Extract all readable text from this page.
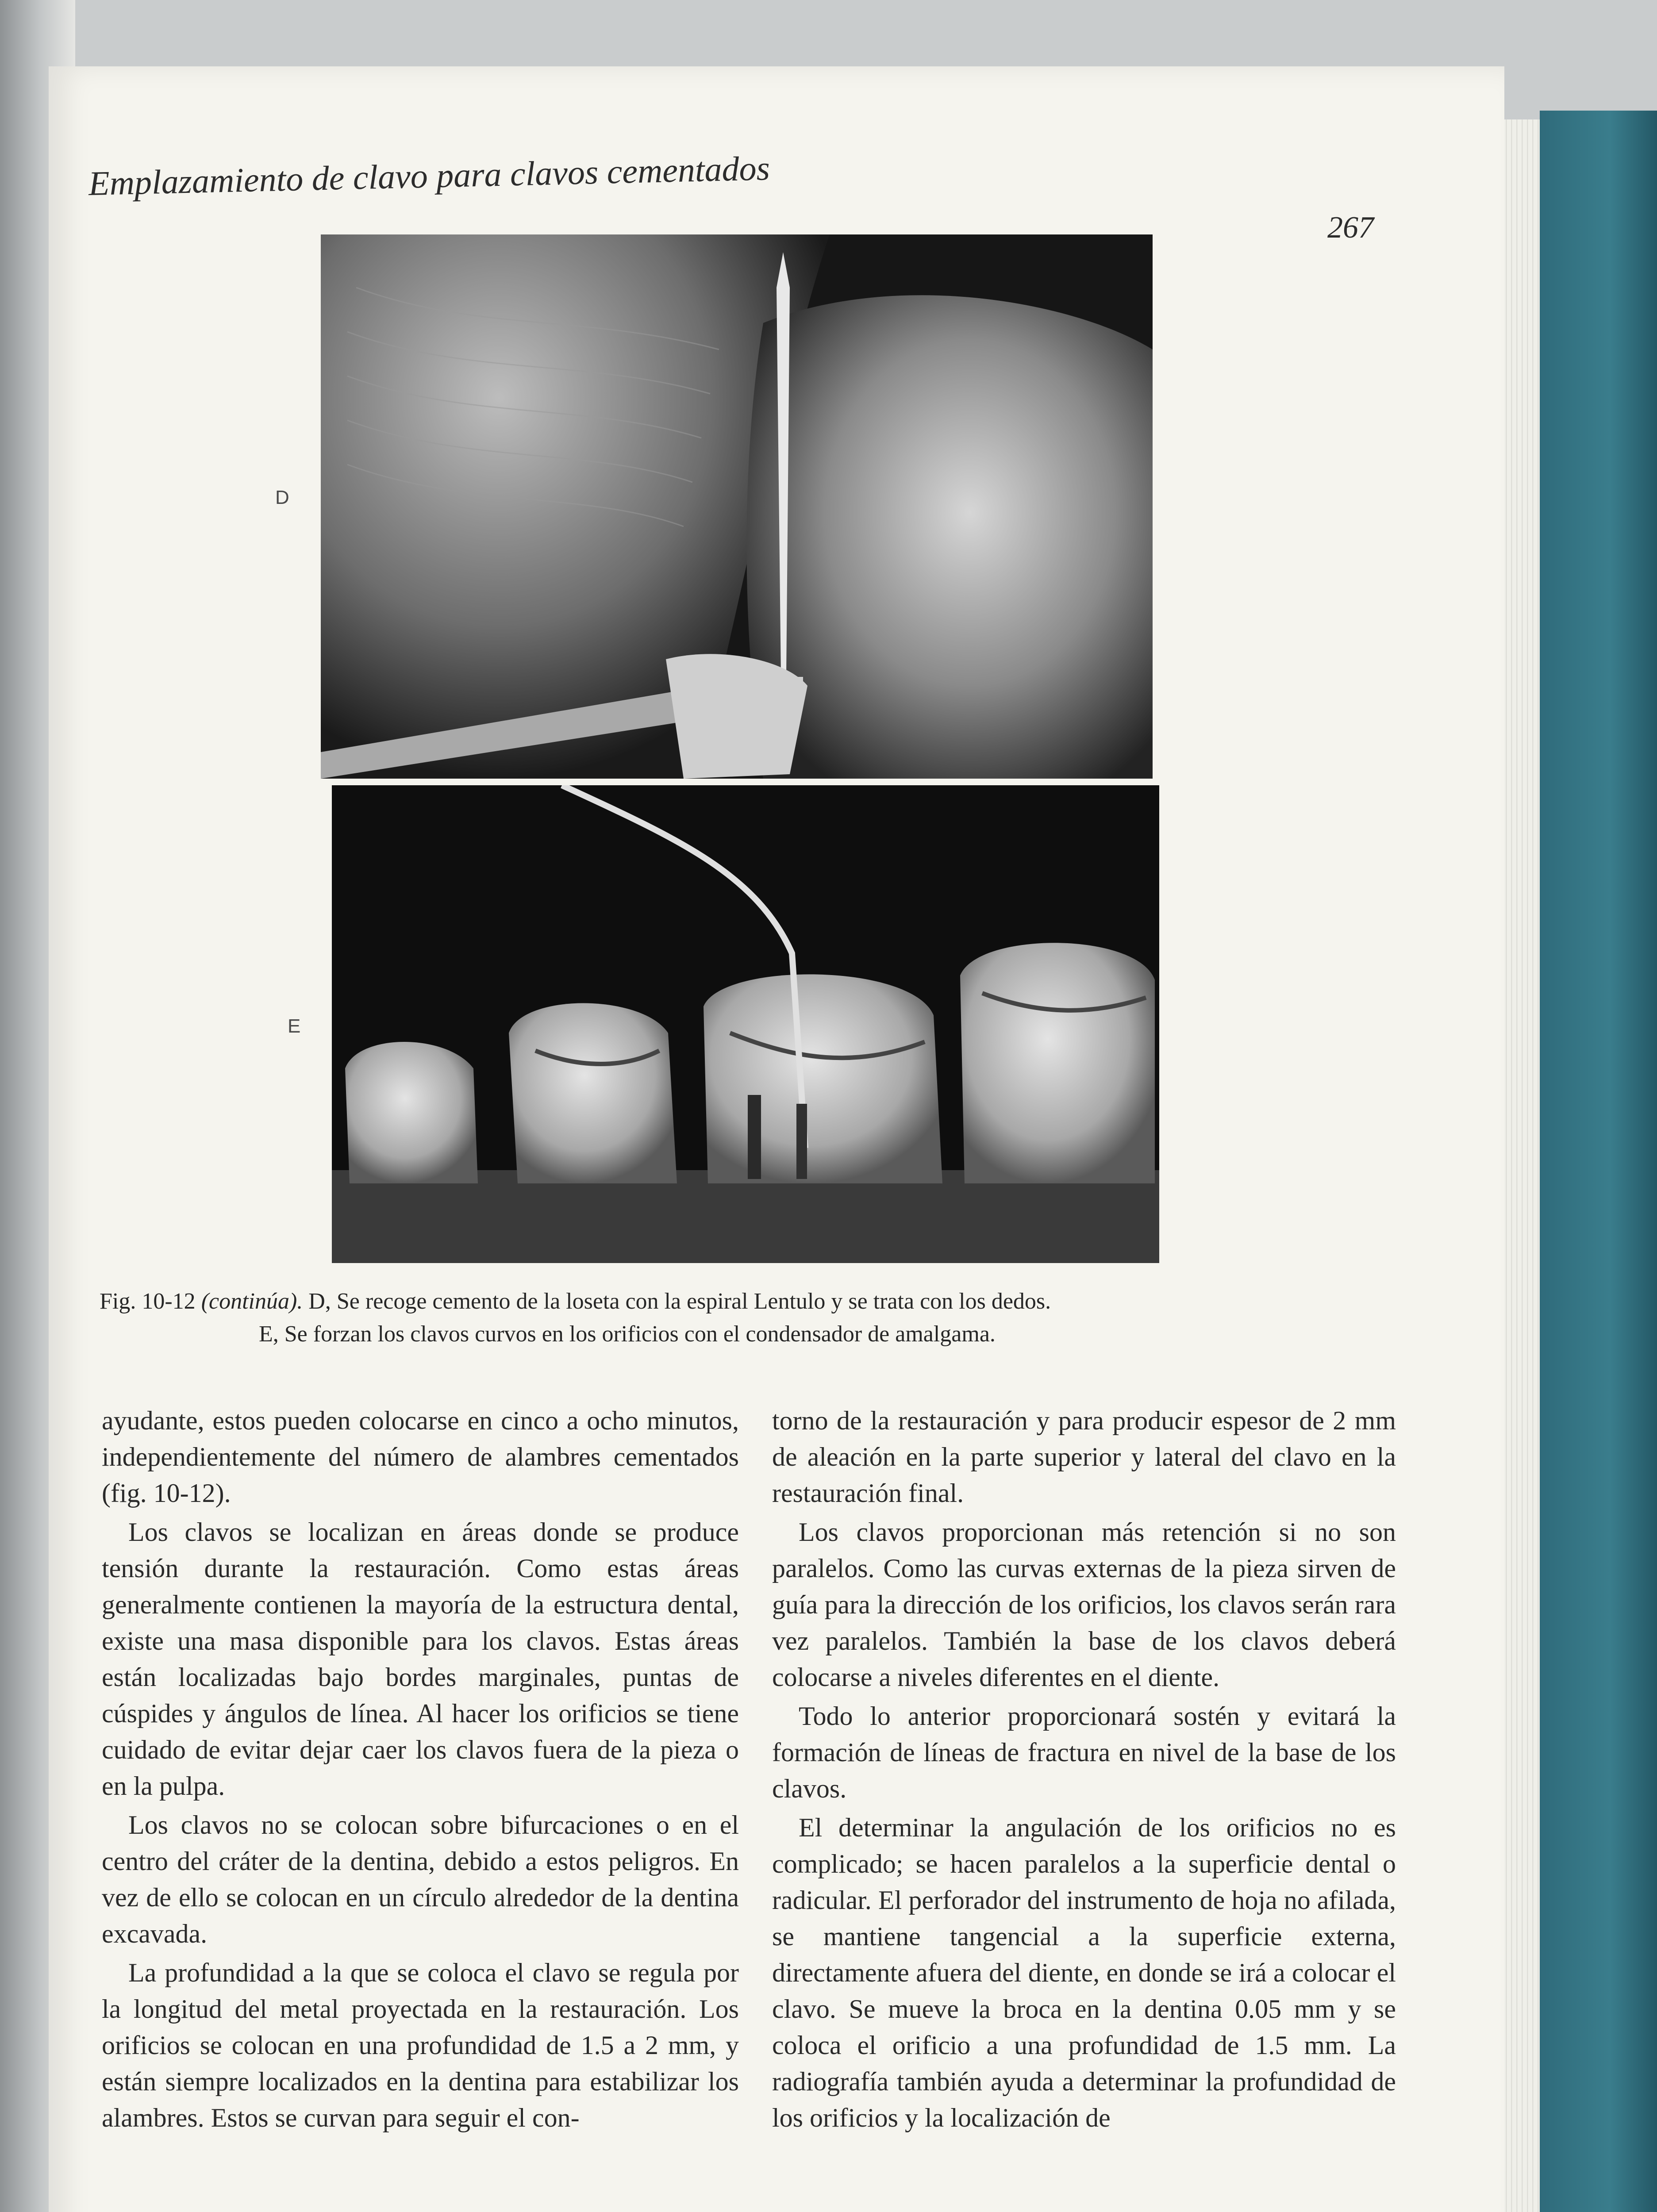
Emplazamiento de clavo para clavos cementados
267
D
E
Fig. 10-12 (continúa). D, Se recoge cemento de la loseta con la espiral Lentulo y se trata con los dedos.
E, Se forzan los clavos curvos en los orificios con el condensador de amalgama.

ayudante, estos pueden colocarse en cinco a ocho minutos, independientemente del número de alambres cementados (fig. 10-12).

Los clavos se localizan en áreas donde se produce tensión durante la restauración. Como estas áreas generalmente contienen la mayoría de la estructura dental, existe una masa disponible para los clavos. Estas áreas están localizadas bajo bordes marginales, puntas de cúspides y ángulos de línea. Al hacer los orificios se tiene cuidado de evitar dejar caer los clavos fuera de la pieza o en la pulpa.

Los clavos no se colocan sobre bifurcaciones o en el centro del cráter de la dentina, debido a estos peligros. En vez de ello se colocan en un círculo alrededor de la dentina excavada.

La profundidad a la que se coloca el clavo se regula por la longitud del metal proyectada en la restauración. Los orificios se colocan en una profundidad de 1.5 a 2 mm, y están siempre localizados en la dentina para estabilizar los alambres. Estos se curvan para seguir el con-

torno de la restauración y para producir espesor de 2 mm de aleación en la parte superior y lateral del clavo en la restauración final.

Los clavos proporcionan más retención si no son paralelos. Como las curvas externas de la pieza sirven de guía para la dirección de los orificios, los clavos serán rara vez paralelos. También la base de los clavos deberá colocarse a niveles diferentes en el diente.

Todo lo anterior proporcionará sostén y evitará la formación de líneas de fractura en nivel de la base de los clavos.

El determinar la angulación de los orificios no es complicado; se hacen paralelos a la superficie dental o radicular. El perforador del instrumento de hoja no afilada, se mantiene tangencial a la superficie externa, directamente afuera del diente, en donde se irá a colocar el clavo. Se mueve la broca en la dentina 0.05 mm y se coloca el orificio a una profundidad de 1.5 mm. La radiografía también ayuda a determinar la profundidad de los orificios y la localización de
